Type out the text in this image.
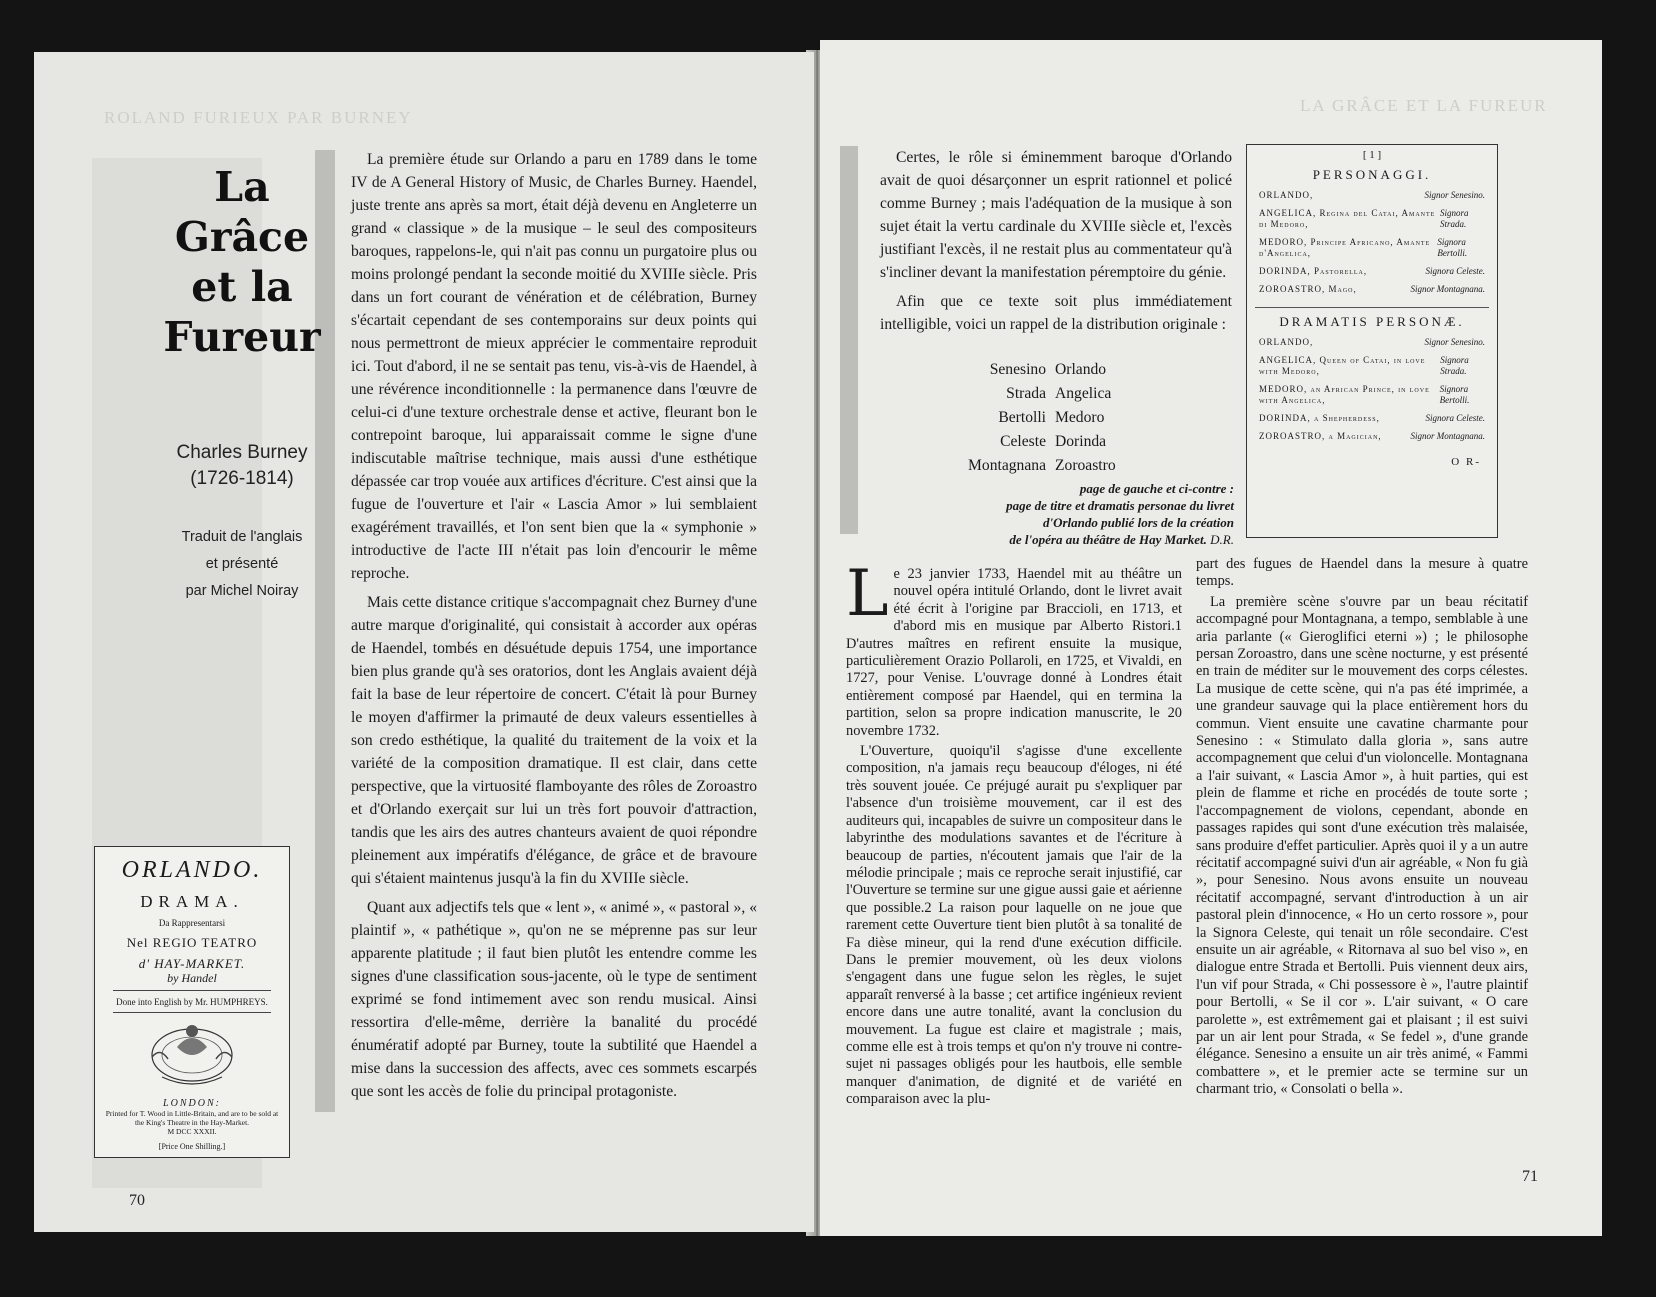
ROLAND FURIEUX PAR BURNEY
La
Grâce
et la
Fureur
Charles Burney
(1726-1814)
Traduit de l'anglais
et présenté
par Michel Noiray

La première étude sur Orlando a paru en 1789 dans le tome IV de A General History of Music, de Charles Burney. Haendel, juste trente ans après sa mort, était déjà devenu en Angleterre un grand « classique » de la musique – le seul des compositeurs baroques, rappelons-le, qui n'ait pas connu un purgatoire plus ou moins prolongé pendant la seconde moitié du XVIIIe siècle. Pris dans un fort courant de vénération et de célébration, Burney s'écartait cependant de ses contemporains sur deux points qui nous permettront de mieux apprécier le commentaire reproduit ici. Tout d'abord, il ne se sentait pas tenu, vis-à-vis de Haendel, à une révérence inconditionnelle : la permanence dans l'œuvre de celui-ci d'une texture orchestrale dense et active, fleurant bon le contrepoint baroque, lui apparaissait comme le signe d'une indiscutable maîtrise technique, mais aussi d'une esthétique dépassée car trop vouée aux artifices d'écriture. C'est ainsi que la fugue de l'ouverture et l'air « Lascia Amor » lui semblaient exagérément travaillés, et l'on sent bien que la « symphonie » introductive de l'acte III n'était pas loin d'encourir le même reproche.

Mais cette distance critique s'accompagnait chez Burney d'une autre marque d'originalité, qui consistait à accorder aux opéras de Haendel, tombés en désuétude depuis 1754, une importance bien plus grande qu'à ses oratorios, dont les Anglais avaient déjà fait la base de leur répertoire de concert. C'était là pour Burney le moyen d'affirmer la primauté de deux valeurs essentielles à son credo esthétique, la qualité du traitement de la voix et la variété de la composition dramatique. Il est clair, dans cette perspective, que la virtuosité flamboyante des rôles de Zoroastro et d'Orlando exerçait sur lui un très fort pouvoir d'attraction, tandis que les airs des autres chanteurs avaient de quoi répondre pleinement aux impératifs d'élégance, de grâce et de bravoure qui s'étaient maintenus jusqu'à la fin du XVIIIe siècle.

Quant aux adjectifs tels que « lent », « animé », « pastoral », « plaintif », « pathétique », qu'on ne se méprenne pas sur leur apparente platitude ; il faut bien plutôt les entendre comme les signes d'une classification sous-jacente, où le type de sentiment exprimé se fond intimement avec son rendu musical. Ainsi ressortira d'elle-même, derrière la banalité du procédé énumératif adopté par Burney, toute la subtilité que Haendel a mise dans la succession des affects, avec ces sommets escarpés que sont les accès de folie du principal protagoniste.

ORLANDO.
DRAMA.
Da Rappresentarsi
Nel REGIO TEATRO
d' HAY-MARKET.
by Handel
Done into English by Mr. HUMPHREYS.
LONDON:
Printed for T. Wood in Little-Britain, and are to be sold at the King's Theatre in the Hay-Market.
M DCC XXXII.
[Price One Shilling.]
70
LA GRÂCE ET LA FUREUR

Certes, le rôle si éminemment baroque d'Orlando avait de quoi désarçonner un esprit rationnel et policé comme Burney ; mais l'adéquation de la musique à son sujet était la vertu cardinale du XVIIIe siècle et, l'excès justifiant l'excès, il ne restait plus au commentateur qu'à s'incliner devant la manifestation péremptoire du génie.

Afin que ce texte soit plus immédiatement intelligible, voici un rappel de la distribution originale :

Senesino Orlando
Strada Angelica
Bertolli Medoro
Celeste Dorinda
Montagnana Zoroastro
page de gauche et ci-contre :
page de titre et dramatis personae du livret
d'Orlando publié lors de la création
de l'opéra au théâtre de Hay Market. D.R.
[ 1 ]
PERSONAGGI.
ORLANDO,	Signor Senesino.
ANGELICA, Regina del Catai, Amante di Medoro,
Signora Strada.
MEDORO, Principe Africano, Amante d'Angelica,
Signora Bertolli.
DORINDA, Pastorella,	Signora Celeste.
ZOROASTRO, Mago,	Signor Montagnana.
DRAMATIS PERSONÆ.
ORLANDO,	Signor Senesino.
ANGELICA, Queen of Catai, in love with Medoro,
Signora Strada.
MEDORO, an African Prince, in love with Angelica,
Signora Bertolli.
DORINDA, a Shepherdess,	Signora Celeste.
ZOROASTRO, a Magician,	Signor Montagnana.
O R-

Le 23 janvier 1733, Haendel mit au théâtre un nouvel opéra intitulé Orlando, dont le livret avait été écrit à l'origine par Braccioli, en 1713, et d'abord mis en musique par Alberto Ristori.1 D'autres maîtres en refirent ensuite la musique, particulièrement Orazio Pollaroli, en 1725, et Vivaldi, en 1727, pour Venise. L'ouvrage donné à Londres était entièrement composé par Haendel, qui en termina la partition, selon sa propre indication manuscrite, le 20 novembre 1732.

L'Ouverture, quoiqu'il s'agisse d'une excellente composition, n'a jamais reçu beaucoup d'éloges, ni été très souvent jouée. Ce préjugé aurait pu s'expliquer par l'absence d'un troisième mouvement, car il est des auditeurs qui, incapables de suivre un compositeur dans le labyrinthe des modulations savantes et de l'écriture à beaucoup de parties, n'écoutent jamais que l'air de la mélodie principale ; mais ce reproche serait injustifié, car l'Ouverture se termine sur une gigue aussi gaie et aérienne que possible.2 La raison pour laquelle on ne joue que rarement cette Ouverture tient bien plutôt à sa tonalité de Fa dièse mineur, qui la rend d'une exécution difficile. Dans le premier mouvement, où les deux violons s'engagent dans une fugue selon les règles, le sujet apparaît renversé à la basse ; cet artifice ingénieux revient encore dans une autre tonalité, avant la conclusion du mouvement. La fugue est claire et magistrale ; mais, comme elle est à trois temps et qu'on n'y trouve ni contre-sujet ni passages obligés pour les hautbois, elle semble manquer d'animation, de dignité et de variété en comparaison avec la plu-

part des fugues de Haendel dans la mesure à quatre temps.

La première scène s'ouvre par un beau récitatif accompagné pour Montagnana, a tempo, semblable à une aria parlante (« Gieroglifici eterni ») ; le philosophe persan Zoroastro, dans une scène nocturne, y est présenté en train de méditer sur le mouvement des corps célestes. La musique de cette scène, qui n'a pas été imprimée, a une grandeur sauvage qui la place entièrement hors du commun. Vient ensuite une cavatine charmante pour Senesino : « Stimulato dalla gloria », sans autre accompagnement que celui d'un violoncelle. Montagnana a l'air suivant, « Lascia Amor », à huit parties, qui est plein de flamme et riche en procédés de toute sorte ; l'accompagnement de violons, cependant, abonde en passages rapides qui sont d'une exécution très malaisée, sans produire d'effet particulier. Après quoi il y a un autre récitatif accompagné suivi d'un air agréable, « Non fu già », pour Senesino. Nous avons ensuite un nouveau récitatif accompagné, servant d'introduction à un air pastoral plein d'innocence, « Ho un certo rossore », pour la Signora Celeste, qui tenait un rôle secondaire. C'est ensuite un air agréable, « Ritornava al suo bel viso », en dialogue entre Strada et Bertolli. Puis viennent deux airs, l'un vif pour Strada, « Chi possessore è », l'autre plaintif pour Bertolli, « Se il cor ». L'air suivant, « O care parolette », est extrêmement gai et plaisant ; il est suivi par un air lent pour Strada, « Se fedel », d'une grande élégance. Senesino a ensuite un air très animé, « Fammi combattere », et le premier acte se termine sur un charmant trio, « Consolati o bella ».

71
